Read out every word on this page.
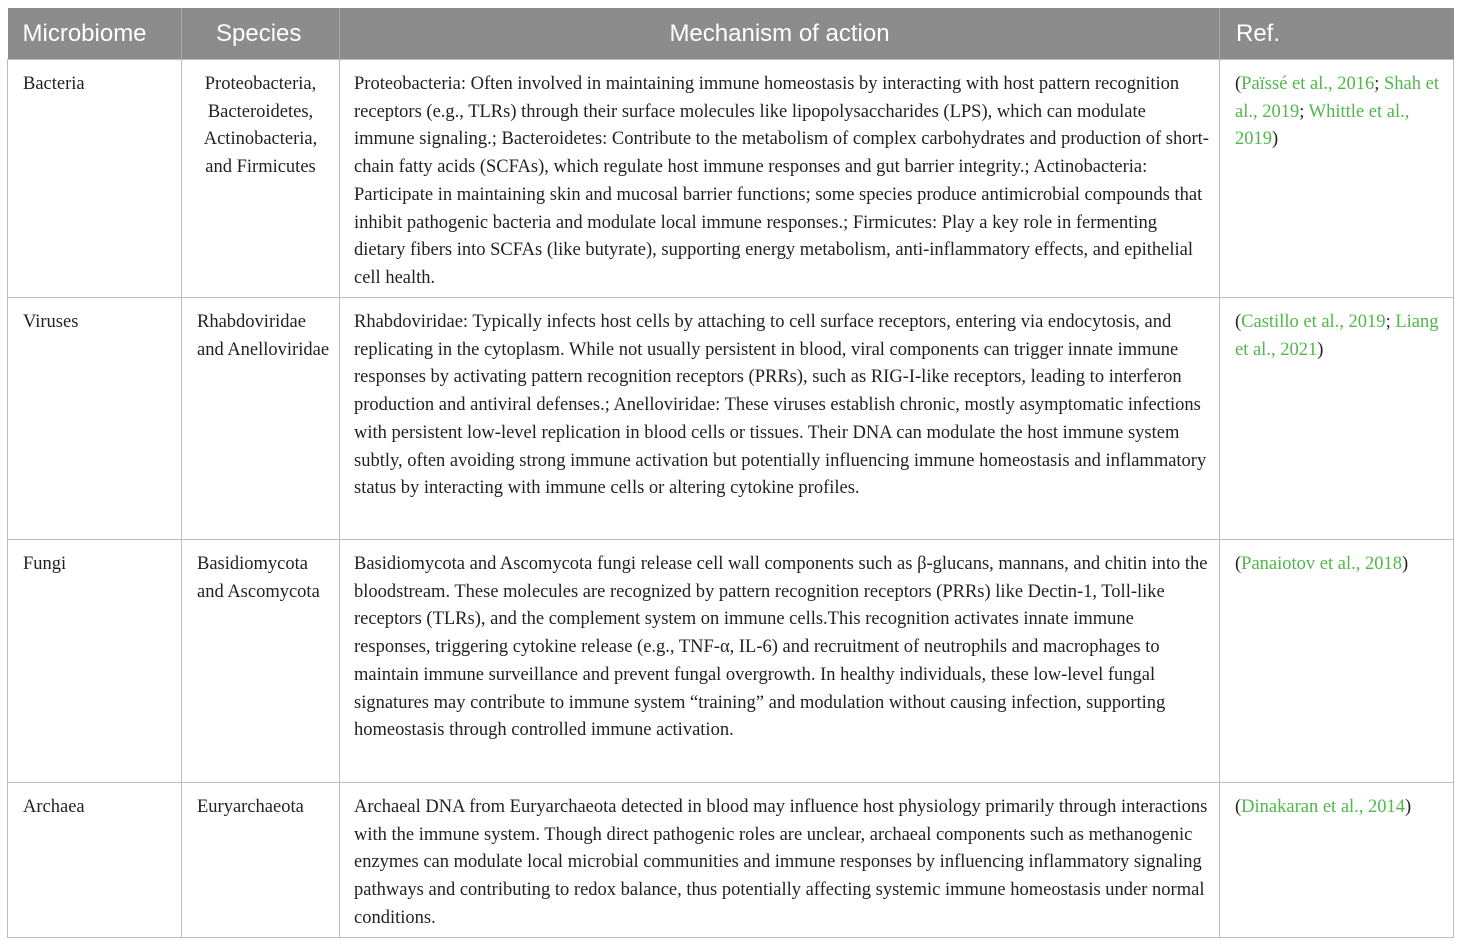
Microbiome	Species	Mechanism of action	Ref.
Bacteria	Proteobacteria, Bacteroidetes, Actinobacteria, and Firmicutes	Proteobacteria: Often involved in maintaining immune homeostasis by interacting with host pattern recognition receptors (e.g., TLRs) through their surface molecules like lipopolysaccharides (LPS), which can modulate immune signaling.; Bacteroidetes: Contribute to the metabolism of complex carbohydrates and production of short-chain fatty acids (SCFAs), which regulate host immune responses and gut barrier integrity.; Actinobacteria: Participate in maintaining skin and mucosal barrier functions; some species produce antimicrobial compounds that inhibit pathogenic bacteria and modulate local immune responses.; Firmicutes: Play a key role in fermenting dietary fibers into SCFAs (like butyrate), supporting energy metabolism, anti-inflammatory effects, and epithelial cell health.	(Païssé et al., 2016; Shah et al., 2019; Whittle et al., 2019)
Viruses	Rhabdoviridae and Anelloviridae	Rhabdoviridae: Typically infects host cells by attaching to cell surface receptors, entering via endocytosis, and replicating in the cytoplasm. While not usually persistent in blood, viral components can trigger innate immune responses by activating pattern recognition receptors (PRRs), such as RIG-I-like receptors, leading to interferon production and antiviral defenses.; Anelloviridae: These viruses establish chronic, mostly asymptomatic infections with persistent low-level replication in blood cells or tissues. Their DNA can modulate the host immune system subtly, often avoiding strong immune activation but potentially influencing immune homeostasis and inflammatory status by interacting with immune cells or altering cytokine profiles.	(Castillo et al., 2019; Liang et al., 2021)
Fungi	Basidiomycota and Ascomycota	Basidiomycota and Ascomycota fungi release cell wall components such as β-glucans, mannans, and chitin into the bloodstream. These molecules are recognized by pattern recognition receptors (PRRs) like Dectin-1, Toll-like receptors (TLRs), and the complement system on immune cells.This recognition activates innate immune responses, triggering cytokine release (e.g., TNF-α, IL-6) and recruitment of neutrophils and macrophages to maintain immune surveillance and prevent fungal overgrowth. In healthy individuals, these low-level fungal signatures may contribute to immune system “training” and modulation without causing infection, supporting homeostasis through controlled immune activation.	(Panaiotov et al., 2018)
Archaea	Euryarchaeota	Archaeal DNA from Euryarchaeota detected in blood may influence host physiology primarily through interactions with the immune system. Though direct pathogenic roles are unclear, archaeal components such as methanogenic enzymes can modulate local microbial communities and immune responses by influencing inflammatory signaling pathways and contributing to redox balance, thus potentially affecting systemic immune homeostasis under normal conditions.	(Dinakaran et al., 2014)
